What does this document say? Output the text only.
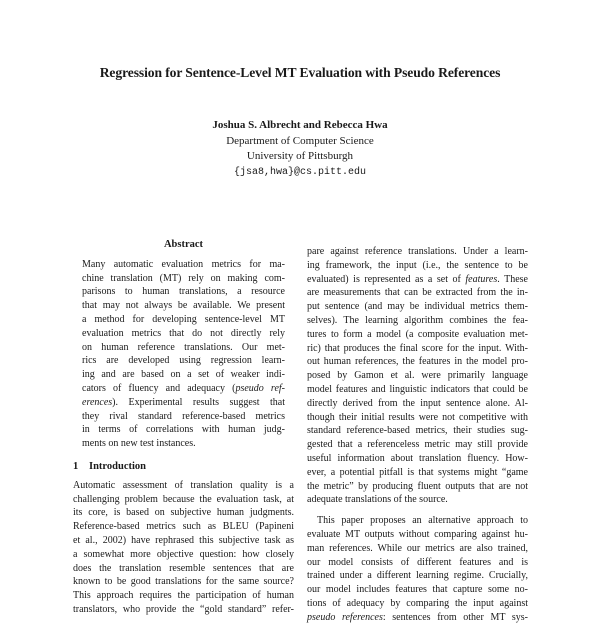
Regression for Sentence-Level MT Evaluation with Pseudo References
Joshua S. Albrecht and Rebecca Hwa
Department of Computer Science
University of Pittsburgh
{jsa8,hwa}@cs.pitt.edu
Abstract
Many automatic evaluation metrics for ma-
chine translation (MT) rely on making com-
parisons to human translations, a resource
that may not always be available. We present
a method for developing sentence-level MT
evaluation metrics that do not directly rely
on human reference translations. Our met-
rics are developed using regression learn-
ing and are based on a set of weaker indi-
cators of fluency and adequacy (pseudo ref-
erences). Experimental results suggest that
they rival standard reference-based metrics
in terms of correlations with human judg-
ments on new test instances.
1 Introduction
Automatic assessment of translation quality is a
challenging problem because the evaluation task, at
its core, is based on subjective human judgments.
Reference-based metrics such as BLEU (Papineni
et al., 2002) have rephrased this subjective task as
a somewhat more objective question: how closely
does the translation resemble sentences that are
known to be good translations for the same source?
This approach requires the participation of human
translators, who provide the “gold standard” refer-

pare against reference translations. Under a learn-
ing framework, the input (i.e., the sentence to be
evaluated) is represented as a set of features. These
are measurements that can be extracted from the in-
put sentence (and may be individual metrics them-
selves). The learning algorithm combines the fea-
tures to form a model (a composite evaluation met-
ric) that produces the final score for the input. With-
out human references, the features in the model pro-
posed by Gamon et al. were primarily language
model features and linguistic indicators that could be
directly derived from the input sentence alone. Al-
though their initial results were not competitive with
standard reference-based metrics, their studies sug-
gested that a referenceless metric may still provide
useful information about translation fluency. How-
ever, a potential pitfall is that systems might “game
the metric” by producing fluent outputs that are not
adequate translations of the source.

This paper proposes an alternative approach to
evaluate MT outputs without comparing against hu-
man references. While our metrics are also trained,
our model consists of different features and is
trained under a different learning regime. Crucially,
our model includes features that capture some no-
tions of adequacy by comparing the input against
pseudo references: sentences from other MT sys-
